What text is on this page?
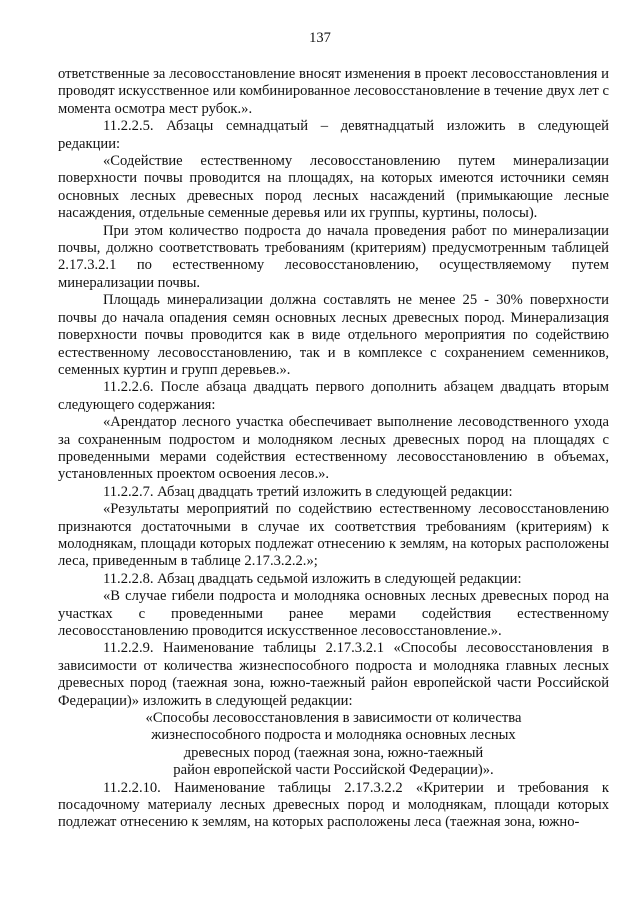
137

ответственные за лесовосстановление вносят изменения в проект лесовосстановления и проводят искусственное или комбинированное лесовосстановление в течение двух лет с момента осмотра мест рубок.».

11.2.2.5. Абзацы семнадцатый – девятнадцатый изложить в следующей редакции:

«Содействие естественному лесовосстановлению путем минерализации поверхности почвы проводится на площадях, на которых имеются источники семян основных лесных древесных пород лесных насаждений (примыкающие лесные насаждения, отдельные семенные деревья или их группы, куртины, полосы).

При этом количество подроста до начала проведения работ по минерализации почвы, должно соответствовать требованиям (критериям) предусмотренным таблицей 2.17.3.2.1 по естественному лесовосстановлению, осуществляемому путем минерализации почвы.

Площадь минерализации должна составлять не менее 25 - 30% поверхности почвы до начала опадения семян основных лесных древесных пород. Минерализация поверхности почвы проводится как в виде отдельного мероприятия по содействию естественному лесовосстановлению, так и в комплексе с сохранением семенников, семенных куртин и групп деревьев.».

11.2.2.6. После абзаца двадцать первого дополнить абзацем двадцать вторым следующего содержания:

«Арендатор лесного участка обеспечивает выполнение лесоводственного ухода за сохраненным подростом и молодняком лесных древесных пород на площадях с проведенными мерами содействия естественному лесовосстановлению в объемах, установленных проектом освоения лесов.».

11.2.2.7. Абзац двадцать третий изложить в следующей редакции:

«Результаты мероприятий по содействию естественному лесовосстановлению признаются достаточными в случае их соответствия требованиям (критериям) к молоднякам, площади которых подлежат отнесению к землям, на которых расположены леса, приведенным в таблице 2.17.3.2.2.»;

11.2.2.8. Абзац двадцать седьмой изложить в следующей редакции:

«В случае гибели подроста и молодняка основных лесных древесных пород на участках с проведенными ранее мерами содействия естественному лесовосстановлению проводится искусственное лесовосстановление.».

11.2.2.9. Наименование таблицы 2.17.3.2.1 «Способы лесовосстановления в зависимости от количества жизнеспособного подроста и молодняка главных лесных древесных пород (таежная зона, южно-таежный район европейской части Российской Федерации)» изложить в следующей редакции:

«Способы лесовосстановления в зависимости от количества

жизнеспособного подроста и молодняка основных лесных

древесных пород (таежная зона, южно-таежный

район европейской части Российской Федерации)».

11.2.2.10. Наименование таблицы 2.17.3.2.2 «Критерии и требования к посадочному материалу лесных древесных пород и молоднякам, площади которых подлежат отнесению к землям, на которых расположены леса (таежная зона, южно-
